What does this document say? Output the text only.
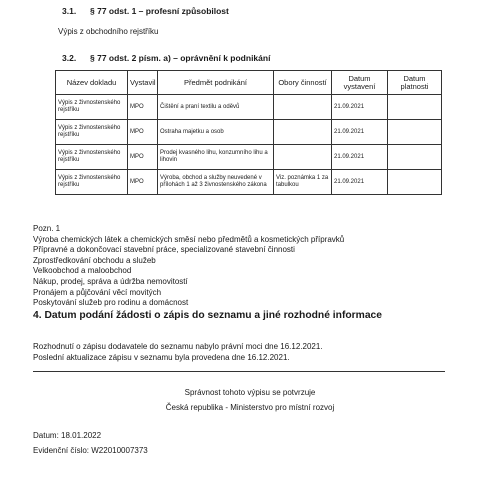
3.1. § 77 odst. 1 – profesní způsobilost
Výpis z obchodního rejstříku
3.2. § 77 odst. 2 písm. a) – oprávnění k podnikání
Název dokladu	Vystavil	Předmět podnikání	Obory činností	Datum vystavení	Datum platnosti
Výpis z živnostenského rejstříku	MPO	Čištění a praní textilu a oděvů		21.09.2021	
Výpis z živnostenského rejstříku	MPO	Ostraha majetku a osob		21.09.2021	
Výpis z živnostenského rejstříku	MPO	Prodej kvasného lihu, konzumního lihu a lihovin		21.09.2021	
Výpis z živnostenského rejstříku	MPO	Výroba, obchod a služby neuvedené v přílohách 1 až 3 živnostenského zákona	Viz. poznámka 1 za tabulkou	21.09.2021	
Pozn. 1
Výroba chemických látek a chemických směsí nebo předmětů a kosmetických přípravků
Přípravné a dokončovací stavební práce, specializované stavební činnosti
Zprostředkování obchodu a služeb
Velkoobchod a maloobchod
Nákup, prodej, správa a údržba nemovitostí
Pronájem a půjčování věcí movitých
Poskytování služeb pro rodinu a domácnost
4. Datum podání žádosti o zápis do seznamu a jiné rozhodné informace
Rozhodnutí o zápisu dodavatele do seznamu nabylo právní moci dne 16.12.2021.
Poslední aktualizace zápisu v seznamu byla provedena dne 16.12.2021.
Správnost tohoto výpisu se potvrzuje
Česká republika - Ministerstvo pro místní rozvoj
Datum: 18.01.2022
Evidenční číslo: W22010007373
